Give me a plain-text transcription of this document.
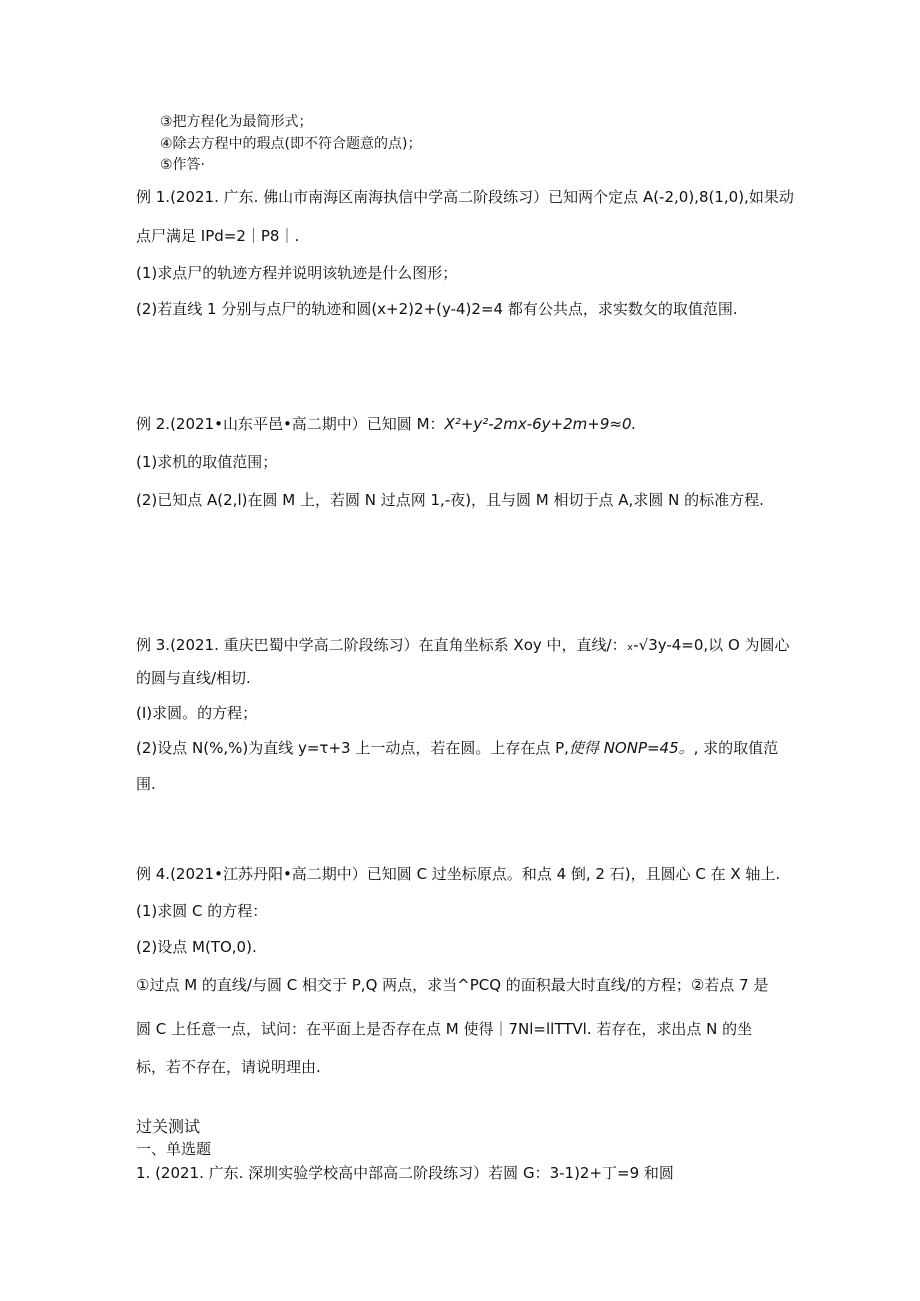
③把方程化为最简形式；
④除去方程中的瑕点(即不符合题意的点)；
⑤作答·
例 1.(2021. 广东. 佛山市南海区南海执信中学高二阶段练习）已知两个定点 A(-2,0),8(1,0),如果动
点尸满足 IPd=2｜P8｜.
(1)求点尸的轨迹方程并说明该轨迹是什么图形；
(2)若直线 1 分别与点尸的轨迹和圆(x+2)2+(y-4)2=4 都有公共点，求实数攵的取值范围.
例 2.(2021•山东平邑•高二期中）已知圆 M：X²+y²-2mx-6y+2m+9≈0.
(1)求机的取值范围；
(2)已知点 A(2,l)在圆 M 上，若圆 N 过点网 1,-夜)，且与圆 M 相切于点 A,求圆 N 的标准方程.
例 3.(2021. 重庆巴蜀中学高二阶段练习）在直角坐标系 Xoy 中，直线/：ₓ-√3y-4=0,以 O 为圆心
的圆与直线/相切.
(I)求圆。的方程；
(2)设点 N(%,%)为直线 y=τ+3 上一动点，若在圆。上存在点 P,使得 NONP=45。, 求的取值范
围.
例 4.(2021•江苏丹阳•高二期中）已知圆 C 过坐标原点。和点 4 倒, 2 石)，且圆心 C 在 X 轴上.
(1)求圆 C 的方程：
(2)设点 M(TO,0).
①过点 M 的直线/与圆 C 相交于 P,Q 两点，求当^PCQ 的面积最大时直线/的方程；②若点 7 是
圆 C 上任意一点，试问：在平面上是否存在点 M 使得｜7Nl=llTTVl. 若存在，求出点 N 的坐
标，若不存在，请说明理由.
过关测试
一、单选题
1. (2021. 广东. 深圳实验学校高中部高二阶段练习）若圆 G：3-1)2+丁=9 和圆
